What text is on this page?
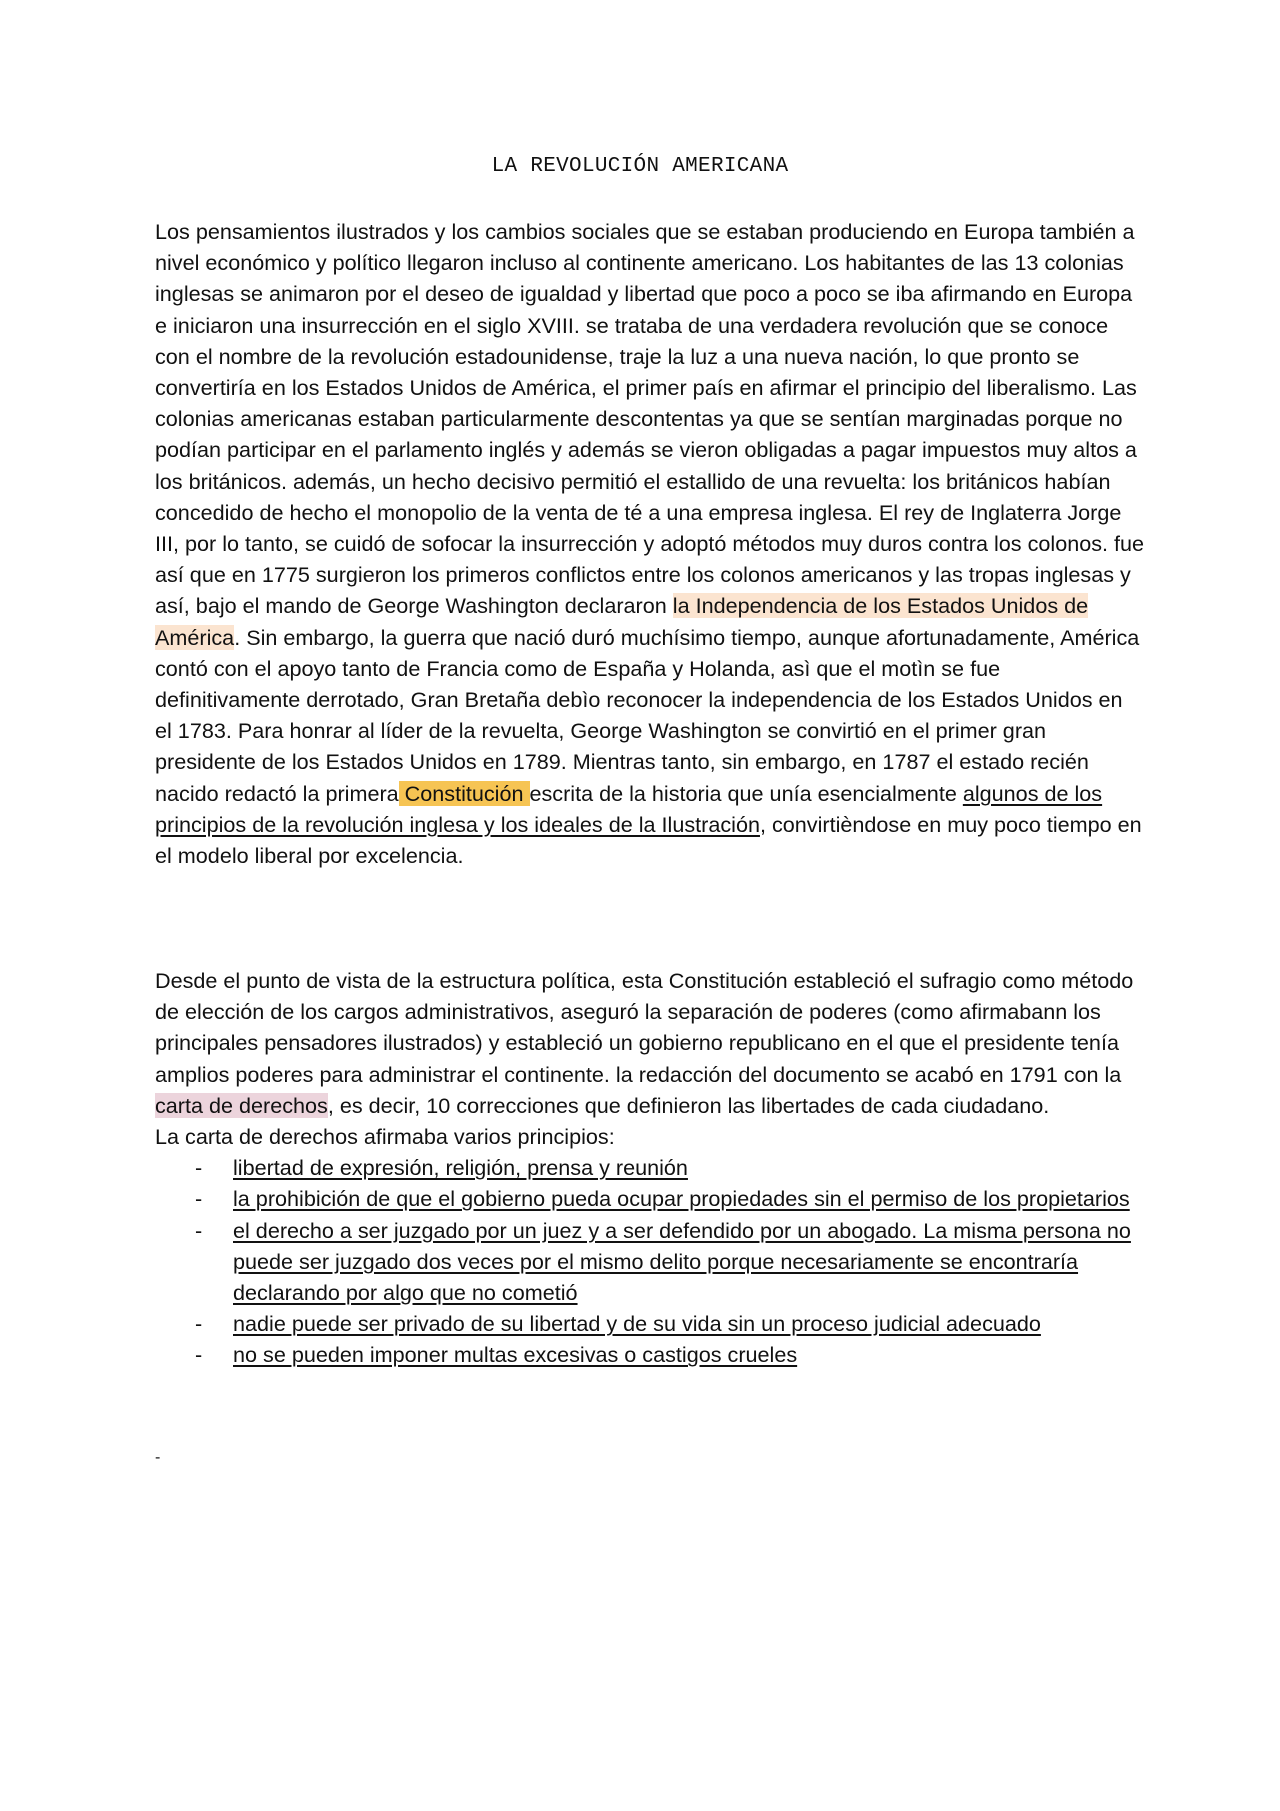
LA REVOLUCIÓN AMERICANA
Los pensamientos ilustrados y los cambios sociales que se estaban produciendo en Europa también a nivel económico y político llegaron incluso al continente americano. Los habitantes de las 13 colonias inglesas se animaron por el deseo de igualdad y libertad que poco a poco se iba afirmando en Europa e iniciaron una insurrección en el siglo XVIII. se trataba de una verdadera revolución que se conoce con el nombre de la revolución estadounidense, traje la luz a una nueva nación, lo que pronto se convertiría en los Estados Unidos de América, el primer país en afirmar el principio del liberalismo. Las colonias americanas estaban particularmente descontentas ya que se sentían marginadas porque no podían participar en el parlamento inglés y además se vieron obligadas a pagar impuestos muy altos a los británicos. además, un hecho decisivo permitió el estallido de una revuelta: los británicos habían concedido de hecho el monopolio de la venta de té a una empresa inglesa. El rey de Inglaterra Jorge III, por lo tanto, se cuidó de sofocar la insurrección y adoptó métodos muy duros contra los colonos. fue así que en 1775 surgieron los primeros conflictos entre los colonos americanos y las tropas inglesas y así, bajo el mando de George Washington declararon la Independencia de los Estados Unidos de América. Sin embargo, la guerra que nació duró muchísimo tiempo, aunque afortunadamente, América contó con el apoyo tanto de Francia como de España y Holanda, asì que el motìn se fue definitivamente derrotado, Gran Bretaña debìo reconocer la independencia de los Estados Unidos en el 1783. Para honrar al líder de la revuelta, George Washington se convirtió en el primer gran presidente de los Estados Unidos en 1789. Mientras tanto, sin embargo, en 1787 el estado recién nacido redactó la primera Constitución escrita de la historia que unía esencialmente algunos de los principios de la revolución inglesa y los ideales de la Ilustración, convirtièndose en muy poco tiempo en el modelo liberal por excelencia.
Desde el punto de vista de la estructura política, esta Constitución estableció el sufragio como método de elección de los cargos administrativos, aseguró la separación de poderes (como afirmabann los principales pensadores ilustrados) y estableció un gobierno republicano en el que el presidente tenía amplios poderes para administrar el continente. la redacción del documento se acabó en 1791 con la carta de derechos, es decir, 10 correcciones que definieron las libertades de cada ciudadano.
La carta de derechos afirmaba varios principios:
- libertad de expresión, religión, prensa y reunión
- la prohibición de que el gobierno pueda ocupar propiedades sin el permiso de los propietarios
- el derecho a ser juzgado por un juez y a ser defendido por un abogado. La misma persona no puede ser juzgado dos veces por el mismo delito porque necesariamente se encontraría declarando por algo que no cometió
- nadie puede ser privado de su libertad y de su vida sin un proceso judicial adecuado
- no se pueden imponer multas excesivas o castigos crueles
-
